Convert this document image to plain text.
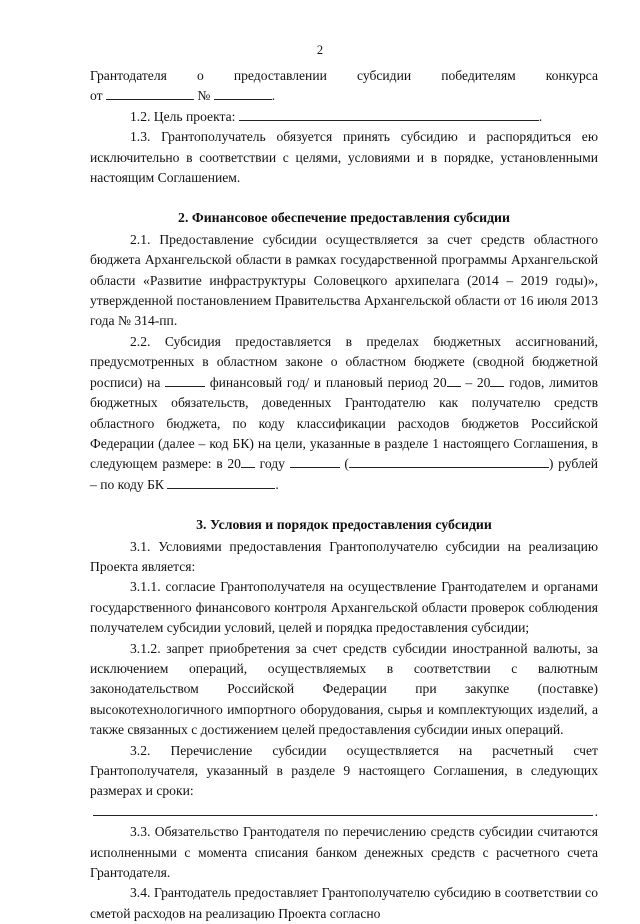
2

Грантодателя о предоставлении субсидии победителям конкурса

от	№	.

1.2. Цель проекта:	.

1.3. Грантополучатель обязуется принять субсидию и распорядиться ею исключительно в соответствии с целями, условиями и в порядке, установленными настоящим Соглашением.

2. Финансовое обеспечение предоставления субсидии

2.1. Предоставление субсидии осуществляется за счет средств областного бюджета Архангельской области в рамках государственной программы Архангельской области «Развитие инфраструктуры Соловецкого архипелага (2014 – 2019 годы)», утвержденной постановлением Правительства Архангельской области от 16 июля 2013 года № 314-пп.

2.2. Субсидия предоставляется в пределах бюджетных ассигнований, предусмотренных в областном законе о областном бюджете (сводной бюджетной росписи) на	финансовый год/ и плановый период 20 – 20 годов, лимитов бюджетных обязательств, доведенных Грантодателю как получателю средств областного бюджета, по коду классификации расходов бюджетов Российской Федерации (далее – код БК) на цели, указанные в разделе 1 настоящего Соглашения, в следующем размере: в 20 году	(	) рублей – по коду БК	.

3. Условия и порядок предоставления субсидии

3.1. Условиями предоставления Грантополучателю субсидии на реализацию Проекта является:

3.1.1. согласие Грантополучателя на осуществление Грантодателем и органами государственного финансового контроля Архангельской области проверок соблюдения получателем субсидии условий, целей и порядка предоставления субсидии;

3.1.2. запрет приобретения за счет средств субсидии иностранной валюты, за исключением операций, осуществляемых в соответствии с валютным законодательством Российской Федерации при закупке (поставке) высокотехнологичного импортного оборудования, сырья и комплектующих изделий, а также связанных с достижением целей предоставления субсидии иных операций.

3.2. Перечисление субсидии осуществляется на расчетный счет Грантополучателя, указанный в разделе 9 настоящего Соглашения, в следующих размерах и сроки:

.

3.3. Обязательство Грантодателя по перечислению средств субсидии считаются исполненными с момента списания банком денежных средств с расчетного счета Грантодателя.

3.4. Грантодатель предоставляет Грантополучателю субсидию в соответствии со сметой расходов на реализацию Проекта согласно
